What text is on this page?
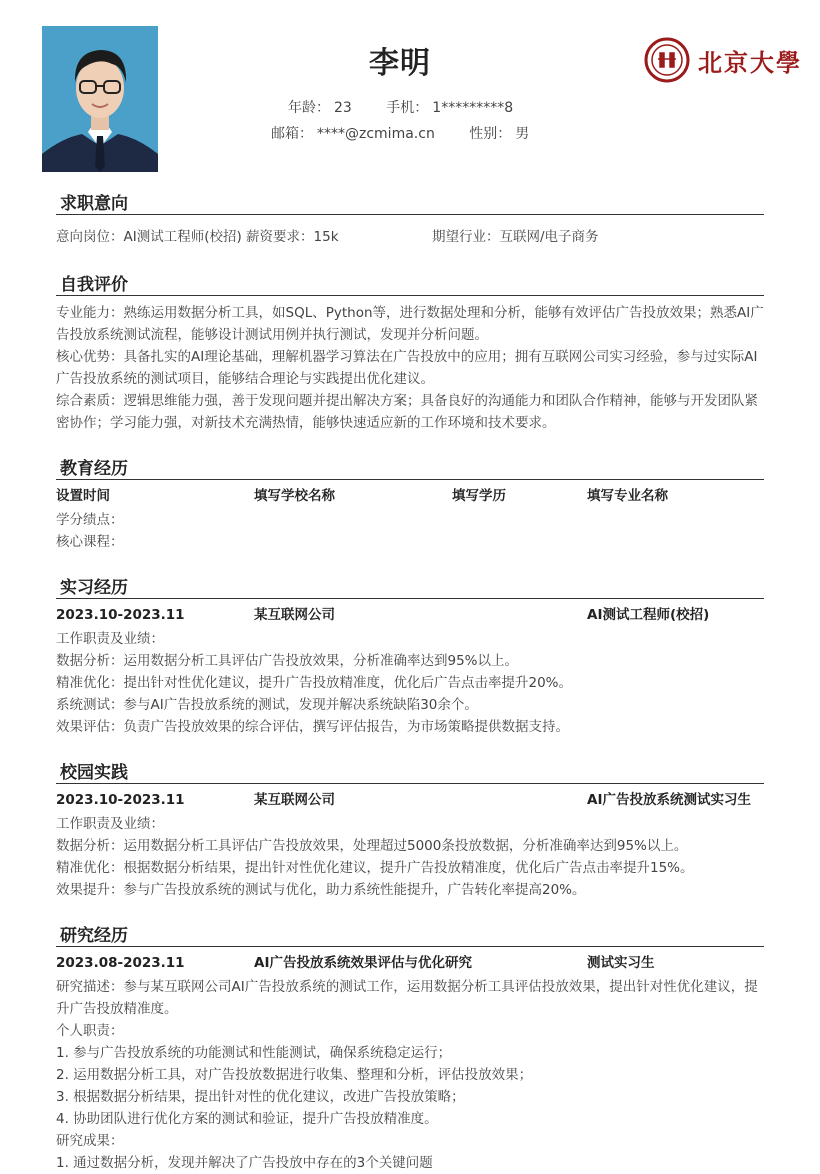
李明
年龄： 23 手机： 1*********8
邮箱： ****@zcmima.cn 性别： 男
北京大學
求职意向
意向岗位：AI测试工程师(校招) 薪资要求：15k	期望行业：互联网/电子商务
自我评价
专业能力：熟练运用数据分析工具，如SQL、Python等，进行数据处理和分析，能够有效评估广告投放效果；熟悉AI广告投放系统测试流程，能够设计测试用例并执行测试，发现并分析问题。
核心优势：具备扎实的AI理论基础，理解机器学习算法在广告投放中的应用；拥有互联网公司实习经验，参与过实际AI广告投放系统的测试项目，能够结合理论与实践提出优化建议。
综合素质：逻辑思维能力强，善于发现问题并提出解决方案；具备良好的沟通能力和团队合作精神，能够与开发团队紧密协作；学习能力强，对新技术充满热情，能够快速适应新的工作环境和技术要求。
教育经历
设置时间	填写学校名称	填写学历	填写专业名称
学分绩点：
核心课程：
实习经历
2023.10-2023.11	某互联网公司	AI测试工程师(校招)
工作职责及业绩：
数据分析：运用数据分析工具评估广告投放效果，分析准确率达到95%以上。
精准优化：提出针对性优化建议，提升广告投放精准度，优化后广告点击率提升20%。
系统测试：参与AI广告投放系统的测试，发现并解决系统缺陷30余个。
效果评估：负责广告投放效果的综合评估，撰写评估报告，为市场策略提供数据支持。
校园实践
2023.10-2023.11	某互联网公司	AI广告投放系统测试实习生
工作职责及业绩：
数据分析：运用数据分析工具评估广告投放效果，处理超过5000条投放数据，分析准确率达到95%以上。
精准优化：根据数据分析结果，提出针对性优化建议，提升广告投放精准度，优化后广告点击率提升15%。
效果提升：参与广告投放系统的测试与优化，助力系统性能提升，广告转化率提高20%。
研究经历
2023.08-2023.11	AI广告投放系统效果评估与优化研究	测试实习生
研究描述：参与某互联网公司AI广告投放系统的测试工作，运用数据分析工具评估投放效果，提出针对性优化建议，提升广告投放精准度。
个人职责：
1. 参与广告投放系统的功能测试和性能测试，确保系统稳定运行；
2. 运用数据分析工具，对广告投放数据进行收集、整理和分析，评估投放效果；
3. 根据数据分析结果，提出针对性的优化建议，改进广告投放策略；
4. 协助团队进行优化方案的测试和验证，提升广告投放精准度。
研究成果：
1. 通过数据分析，发现并解决了广告投放中存在的3个关键问题
